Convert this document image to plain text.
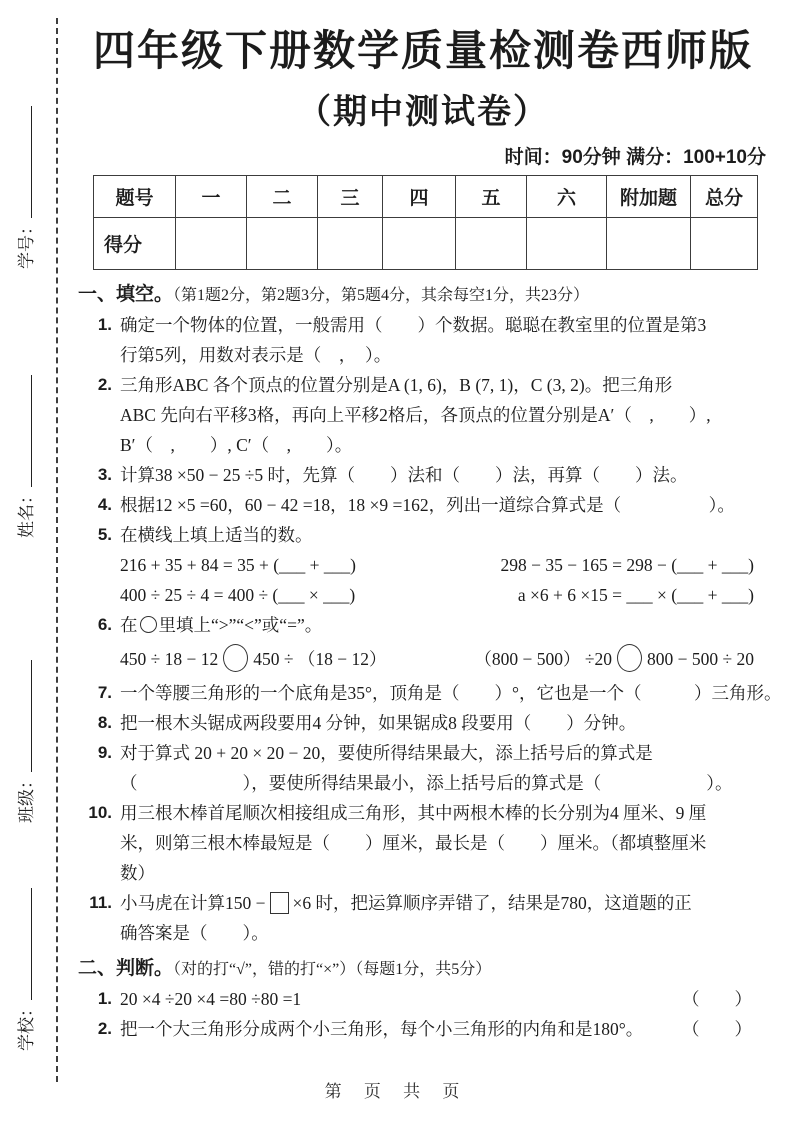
学号：
姓名：
班级：
学校：
四年级下册数学质量检测卷西师版
（期中测试卷）
时间：90分钟 满分：100+10分
题号	一	二	三	四	五	六	附加题	总分
得分								
一、填空。（第1题2分，第2题3分，第5题4分，其余每空1分，共23分）
1. 确定一个物体的位置，一般需用（　　）个数据。聪聪在教室里的位置是第3
行第5列，用数对表示是（　，　）。
2. 三角形ABC 各个顶点的位置分别是A (1, 6)，B (7, 1)，C (3, 2)。把三角形
ABC 先向右平移3格，再向上平移2格后，各顶点的位置分别是A′（　,　　）,
B′（　,　　）, C′（　,　　）。
3. 计算38 ×50 − 25 ÷5 时，先算（　　）法和（　　）法，再算（　　）法。
4. 根据12 ×5 =60，60 − 42 =18，18 ×9 =162，列出一道综合算式是（　　　　　）。
5. 在横线上填上适当的数。
216 + 35 + 84 = 35 + (___ + ___)	298 − 35 − 165 = 298 − (___ + ___)
400 ÷ 25 ÷ 4 = 400 ÷ (___ × ___)	a ×6 + 6 ×15 = ___ × (___ + ___)
6. 在 里填上“>”“<”或“=”。
450 ÷ 18 − 12 450 ÷ （18 − 12）	（800 − 500） ÷20 800 − 500 ÷ 20
7. 一个等腰三角形的一个底角是35°，顶角是（　　）°，它也是一个（　　　）三角形。
8. 把一根木头锯成两段要用4 分钟，如果锯成8 段要用（　　）分钟。
9. 对于算式 20 + 20 × 20 − 20，要使所得结果最大，添上括号后的算式是
（　　　　　　），要使所得结果最小，添上括号后的算式是（　　　　　　）。
10. 用三根木棒首尾顺次相接组成三角形，其中两根木棒的长分别为4 厘米、9 厘
米，则第三根木棒最短是（　　）厘米，最长是（　　）厘米。（都填整厘米
数）
11. 小马虎在计算150 − ×6 时，把运算顺序弄错了，结果是780，这道题的正
确答案是（　　）。
二、判断。（对的打“√”，错的打“×”）（每题1分，共5分）
1. 20 ×4 ÷20 ×4 =80 ÷80 =1	（　　）
2. 把一个大三角形分成两个小三角形，每个小三角形的内角和是180°。 （　　）
第 页 共 页
